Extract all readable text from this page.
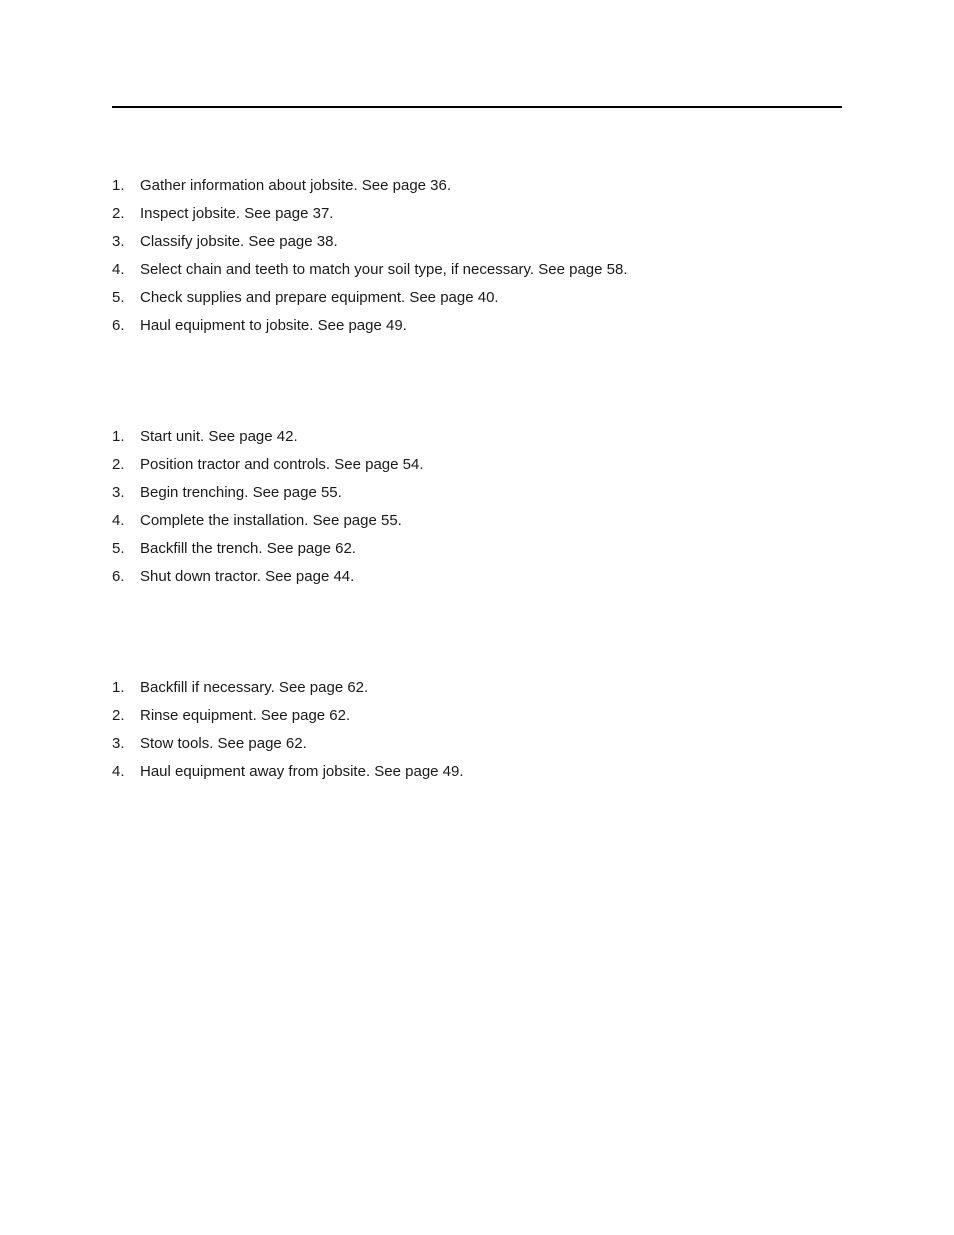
1. Gather information about jobsite. See page 36.
2. Inspect jobsite. See page 37.
3. Classify jobsite. See page 38.
4. Select chain and teeth to match your soil type, if necessary. See page 58.
5. Check supplies and prepare equipment. See page 40.
6. Haul equipment to jobsite. See page 49.
1. Start unit. See page 42.
2. Position tractor and controls. See page 54.
3. Begin trenching. See page 55.
4. Complete the installation. See page 55.
5. Backfill the trench. See page 62.
6. Shut down tractor. See page 44.
1. Backfill if necessary. See page 62.
2. Rinse equipment. See page 62.
3. Stow tools. See page 62.
4. Haul equipment away from jobsite. See page 49.
